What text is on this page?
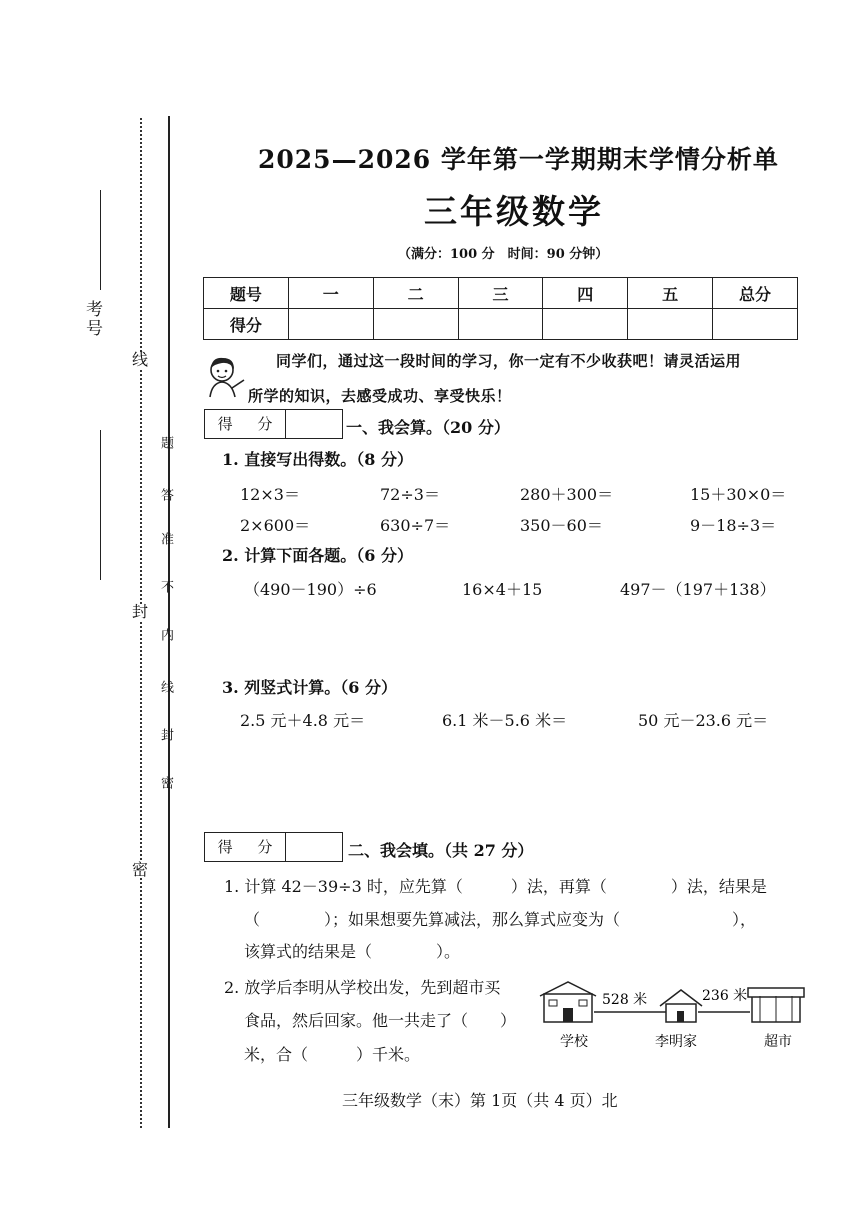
考号
线
封
密
题
答
准
不
内
线
封
密
2025—2026 学年第一学期期末学情分析单
三年级数学
（满分：100 分　时间：90 分钟）
题号	一	二	三	四	五	总分
得分						
同学们，通过这一段时间的学习，你一定有不少收获吧！请灵活运用
所学的知识，去感受成功、享受快乐！
得 分	一、我会算。（20 分）
1. 直接写出得数。（8 分）
12×3＝	72÷3＝	280＋300＝	15＋30×0＝
2×600＝	630÷7＝	350－60＝	9－18÷3＝
2. 计算下面各题。（6 分）
（490－190）÷6	16×4＋15	497－（197＋138）
3. 列竖式计算。（6 分）
2.5 元＋4.8 元＝	6.1 米－5.6 米＝	50 元－23.6 元＝
得 分	二、我会填。（共 27 分）
1. 计算 42－39÷3 时，应先算（　　　）法，再算（　　　　）法，结果是
（　　　　）；如果想要先算减法，那么算式应变为（　　　　　　　），
该算式的结果是（　　　　）。
2. 放学后李明从学校出发，先到超市买
食品，然后回家。他一共走了（　　）
米，合（　　　）千米。
528 米	236 米
学校	李明家	超市
三年级数学（末）第 1页（共 4 页）北
